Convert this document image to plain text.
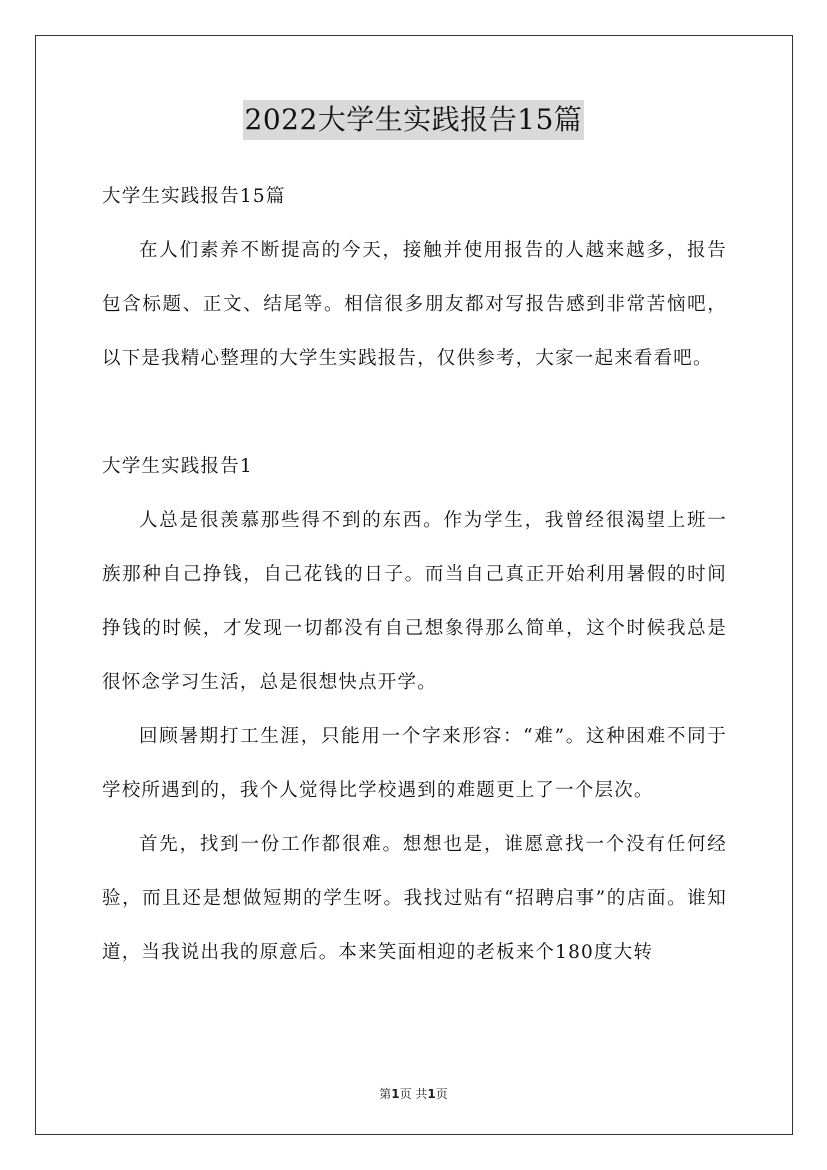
2022大学生实践报告15篇

大学生实践报告15篇

在人们素养不断提高的今天，接触并使用报告的人越来越多，报告包含标题、正文、结尾等。相信很多朋友都对写报告感到非常苦恼吧，以下是我精心整理的大学生实践报告，仅供参考，大家一起来看看吧。

大学生实践报告1

人总是很羡慕那些得不到的东西。作为学生，我曾经很渴望上班一族那种自己挣钱，自己花钱的日子。而当自己真正开始利用暑假的时间挣钱的时候，才发现一切都没有自己想象得那么简单，这个时候我总是很怀念学习生活，总是很想快点开学。

回顾暑期打工生涯，只能用一个字来形容：“难”。这种困难不同于学校所遇到的，我个人觉得比学校遇到的难题更上了一个层次。

首先，找到一份工作都很难。想想也是，谁愿意找一个没有任何经验，而且还是想做短期的学生呀。我找过贴有“招聘启事”的店面。谁知道，当我说出我的原意后。本来笑面相迎的老板来个180度大转

第1页 共1页
